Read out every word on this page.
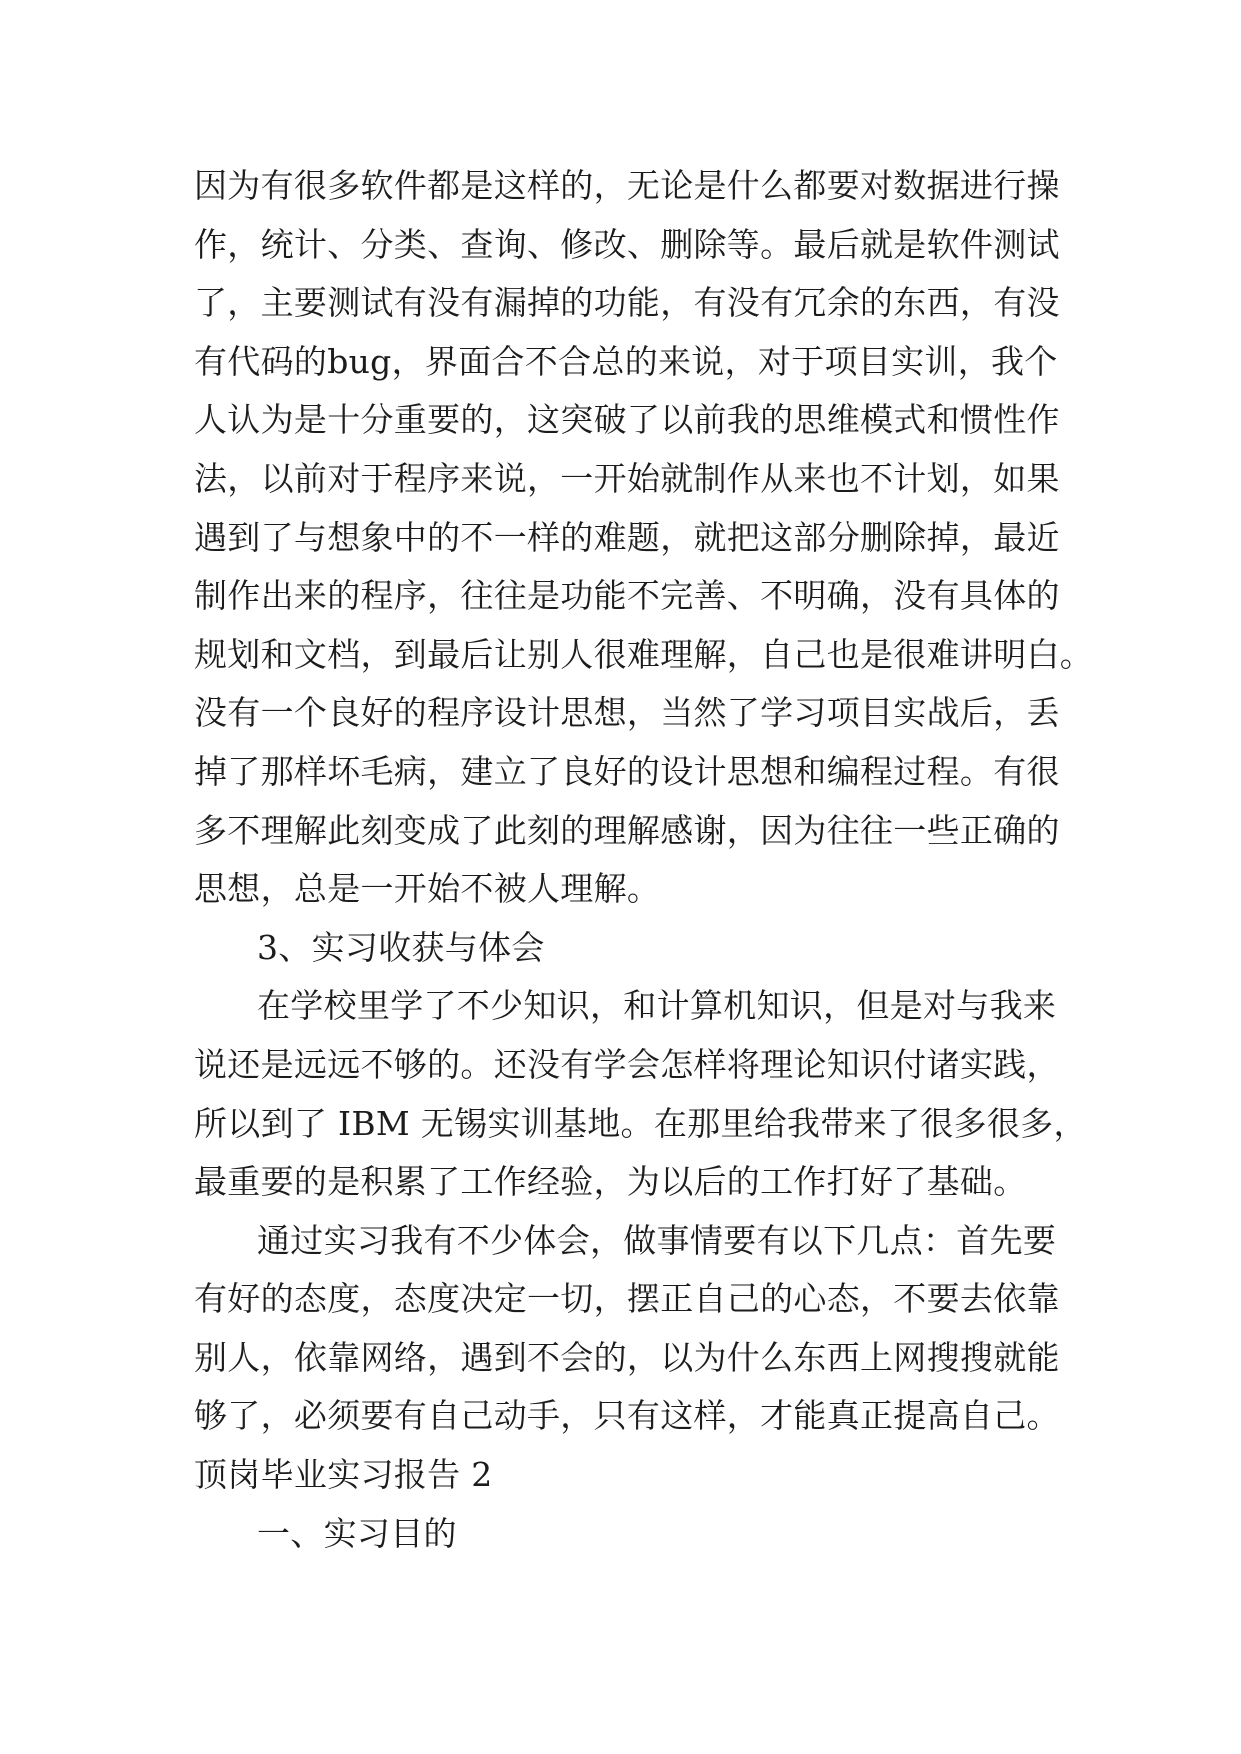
因为有很多软件都是这样的，无论是什么都要对数据进行操
作，统计、分类、查询、修改、删除等。最后就是软件测试
了，主要测试有没有漏掉的功能，有没有冗余的东西，有没
有代码的bug，界面合不合总的来说，对于项目实训，我个
人认为是十分重要的，这突破了以前我的思维模式和惯性作
法，以前对于程序来说，一开始就制作从来也不计划，如果
遇到了与想象中的不一样的难题，就把这部分删除掉，最近
制作出来的程序，往往是功能不完善、不明确，没有具体的
规划和文档，到最后让别人很难理解，自己也是很难讲明白。
没有一个良好的程序设计思想，当然了学习项目实战后，丢
掉了那样坏毛病，建立了良好的设计思想和编程过程。有很
多不理解此刻变成了此刻的理解感谢，因为往往一些正确的
思想，总是一开始不被人理解。
3、实习收获与体会
在学校里学了不少知识，和计算机知识，但是对与我来
说还是远远不够的。还没有学会怎样将理论知识付诸实践，
所以到了 IBM 无锡实训基地。在那里给我带来了很多很多，
最重要的是积累了工作经验，为以后的工作打好了基础。
通过实习我有不少体会，做事情要有以下几点：首先要
有好的态度，态度决定一切，摆正自己的心态，不要去依靠
别人，依靠网络，遇到不会的，以为什么东西上网搜搜就能
够了，必须要有自己动手，只有这样，才能真正提高自己。
顶岗毕业实习报告 2
一、实习目的
